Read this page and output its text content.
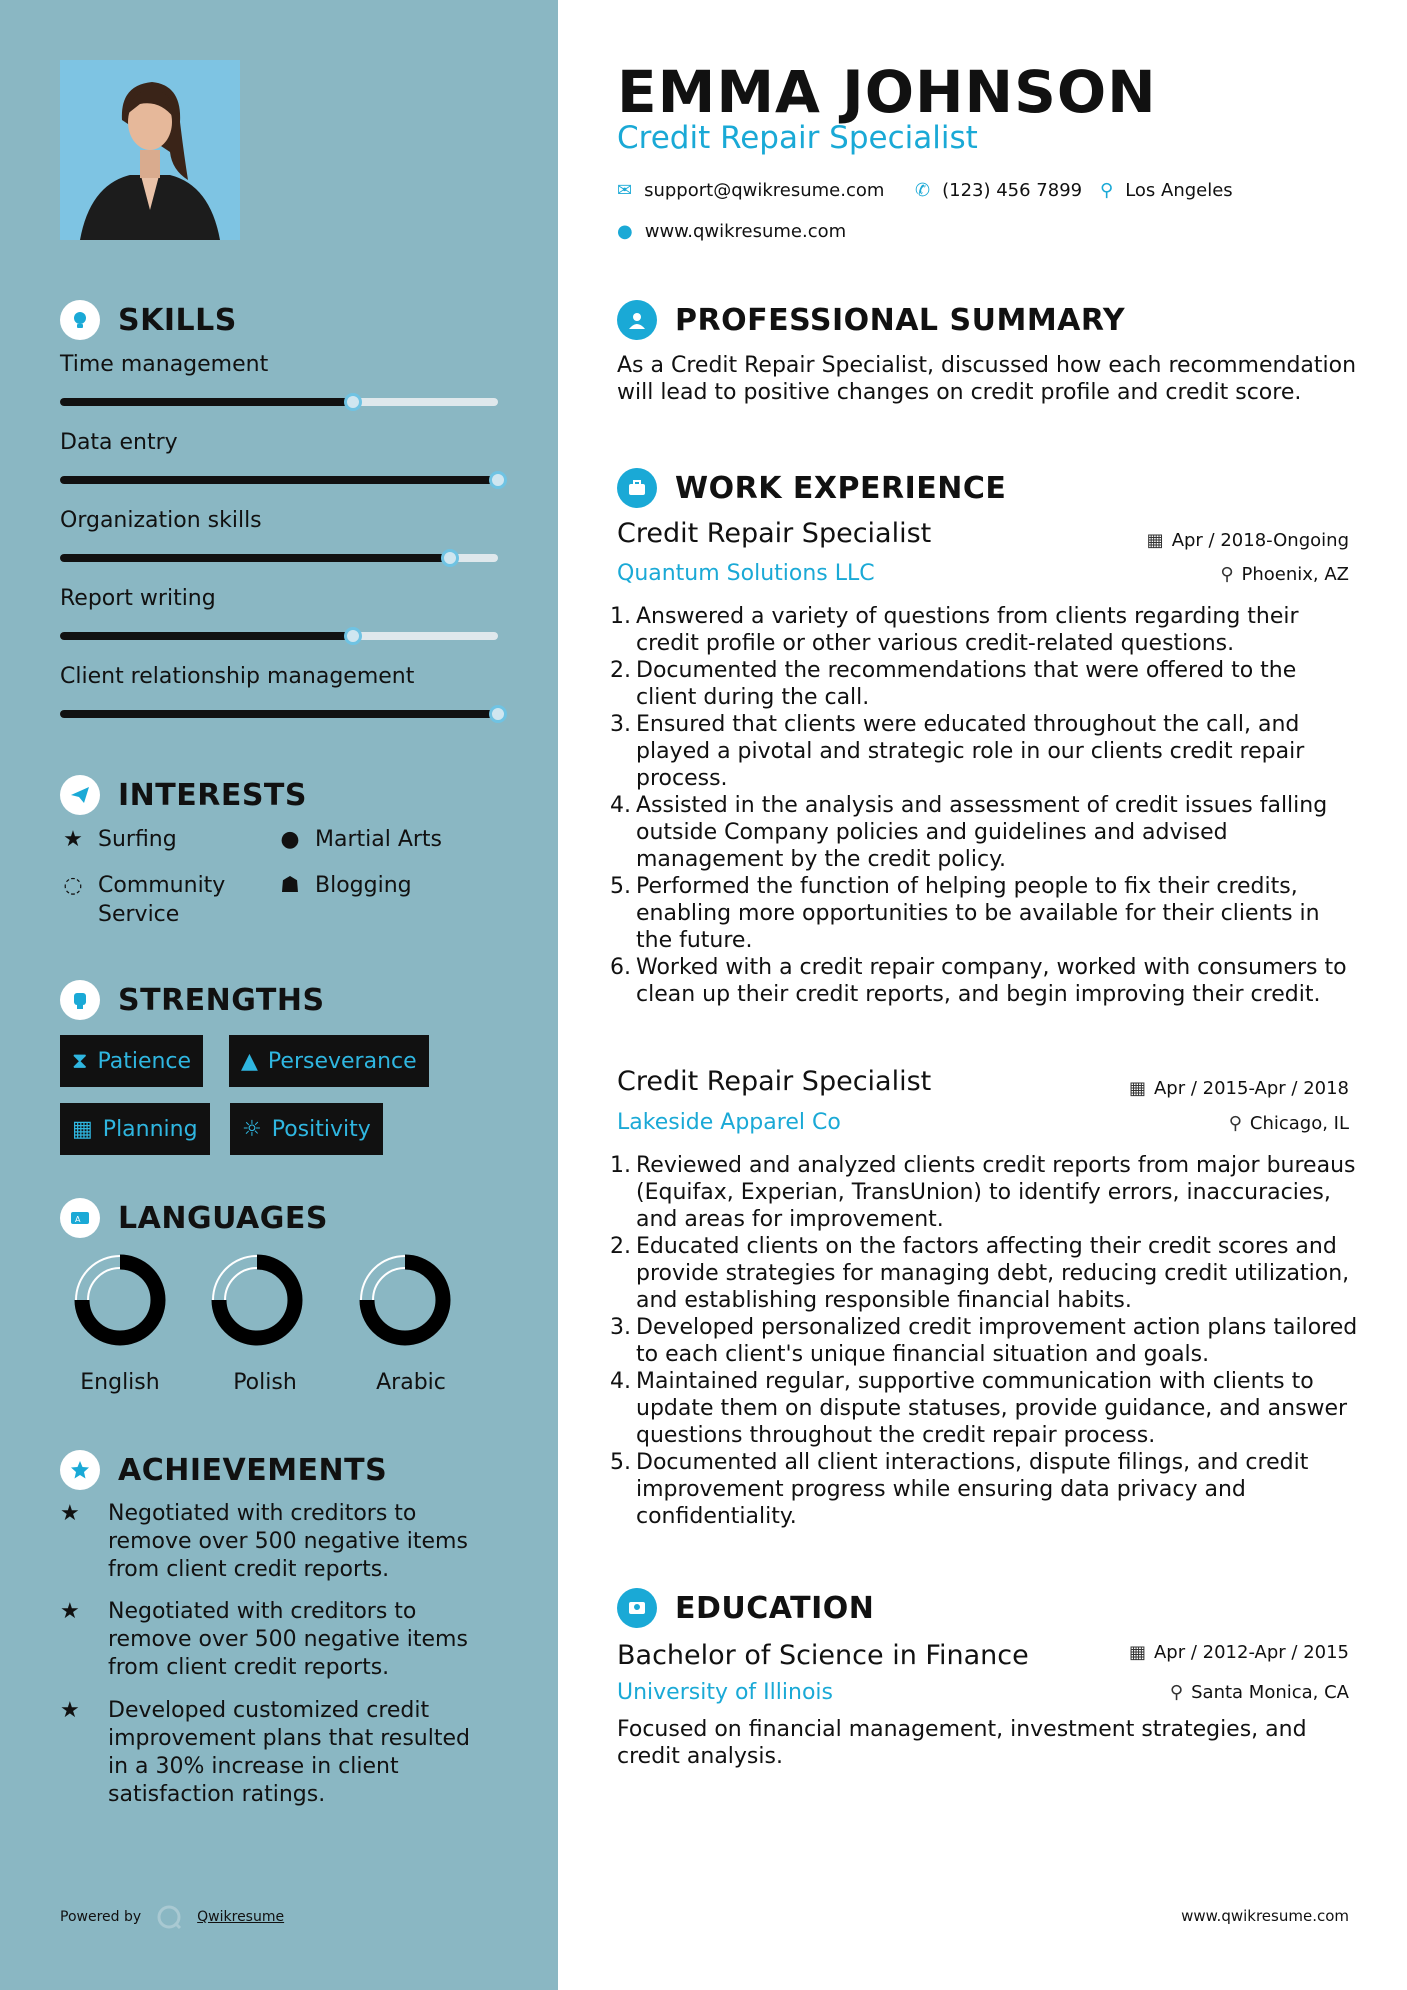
SKILLS
Time management
Data entry
Organization skills
Report writing
Client relationship management
INTERESTS
★ Surfing	● Martial Arts
◌ Community Service
☗ Blogging
STRENGTHS
⧗ Patience ▲ Perseverance
▦ Planning ☼ Positivity
A LANGUAGES
English	Polish	Arabic
ACHIEVEMENTS
★	Negotiated with creditors to remove over 500 negative items from client credit reports.
★	Negotiated with creditors to remove over 500 negative items from client credit reports.
★	Developed customized credit improvement plans that resulted in a 30% increase in client satisfaction ratings.
Powered by	Qwikresume
EMMA JOHNSON
Credit Repair Specialist
✉ support@qwikresume.com ✆ (123) 456 7899 ⚲ Los Angeles
● www.qwikresume.com
PROFESSIONAL SUMMARY
As a Credit Repair Specialist, discussed how each recommendation will lead to positive changes on credit profile and credit score.
WORK EXPERIENCE
Credit Repair Specialist	▦ Apr / 2018-Ongoing
Quantum Solutions LLC	⚲ Phoenix, AZ
1. Answered a variety of questions from clients regarding their credit profile or other various credit-related questions.
2. Documented the recommendations that were offered to the client during the call.
3. Ensured that clients were educated throughout the call, and played a pivotal and strategic role in our clients credit repair process.
4. Assisted in the analysis and assessment of credit issues falling outside Company policies and guidelines and advised management by the credit policy.
5. Performed the function of helping people to fix their credits, enabling more opportunities to be available for their clients in the future.
6. Worked with a credit repair company, worked with consumers to clean up their credit reports, and begin improving their credit.
Credit Repair Specialist	▦ Apr / 2015-Apr / 2018
Lakeside Apparel Co	⚲ Chicago, IL
1. Reviewed and analyzed clients credit reports from major bureaus (Equifax, Experian, TransUnion) to identify errors, inaccuracies, and areas for improvement.
2. Educated clients on the factors affecting their credit scores and provide strategies for managing debt, reducing credit utilization, and establishing responsible financial habits.
3. Developed personalized credit improvement action plans tailored to each client's unique financial situation and goals.
4. Maintained regular, supportive communication with clients to update them on dispute statuses, provide guidance, and answer questions throughout the credit repair process.
5. Documented all client interactions, dispute filings, and credit improvement progress while ensuring data privacy and confidentiality.
EDUCATION
Bachelor of Science in Finance	▦ Apr / 2012-Apr / 2015
University of Illinois	⚲ Santa Monica, CA
Focused on financial management, investment strategies, and credit analysis.
www.qwikresume.com
